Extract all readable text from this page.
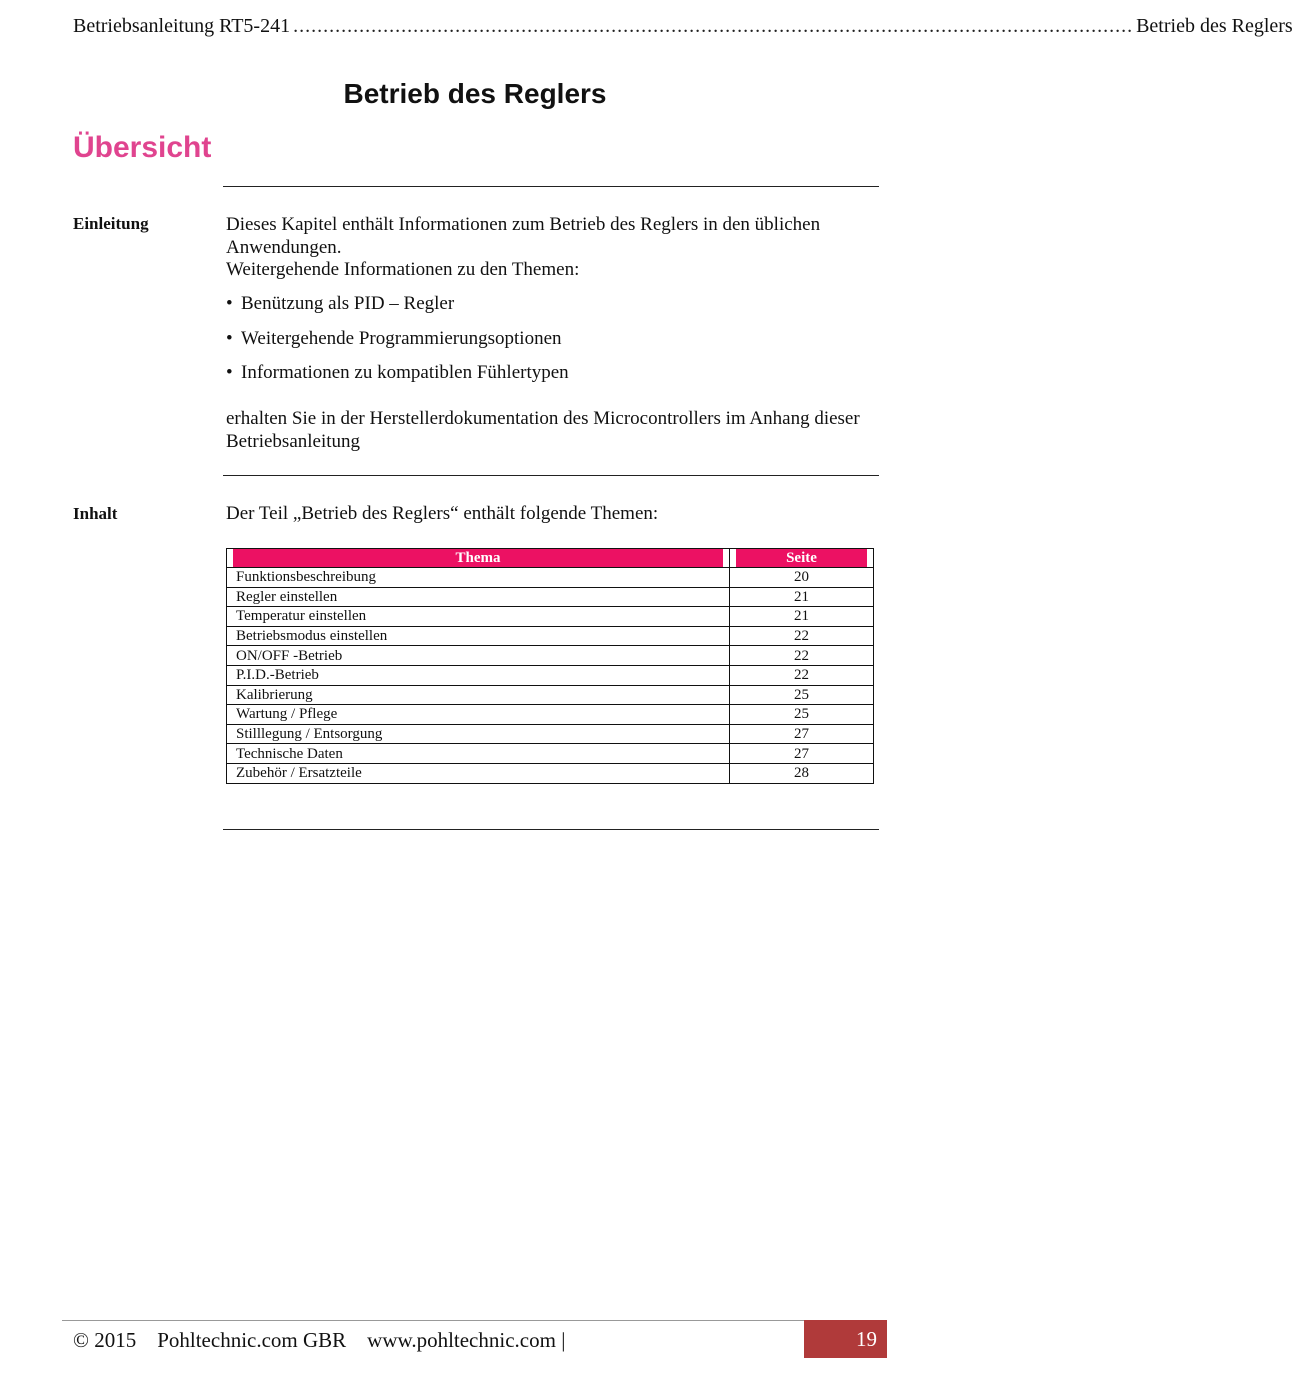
Betriebsanleitung RT5-241 ............................................................................................................................................ Betrieb des Reglers
Betrieb des Reglers
Übersicht
Einleitung	Dieses Kapitel enthält Informationen zum Betrieb des Reglers in den üblichen Anwendungen.
Weitergehende Informationen zu den Themen:
• Benützung als PID – Regler
• Weitergehende Programmierungsoptionen
• Informationen zu kompatiblen Fühlertypen
erhalten Sie in der Herstellerdokumentation des Microcontrollers im Anhang dieser Betriebsanleitung
Inhalt	Der Teil „Betrieb des Reglers“ enthält folgende Themen:
Thema	Seite

Funktionsbeschreibung	20
Regler einstellen	21
Temperatur einstellen	21
Betriebsmodus einstellen	22
ON/OFF -Betrieb	22
P.I.D.-Betrieb	22
Kalibrierung	25
Wartung / Pflege	25
Stilllegung / Entsorgung	27
Technische Daten	27
Zubehör / Ersatzteile	28
© 2015    Pohltechnic.com GBR    www.pohltechnic.com |	19
